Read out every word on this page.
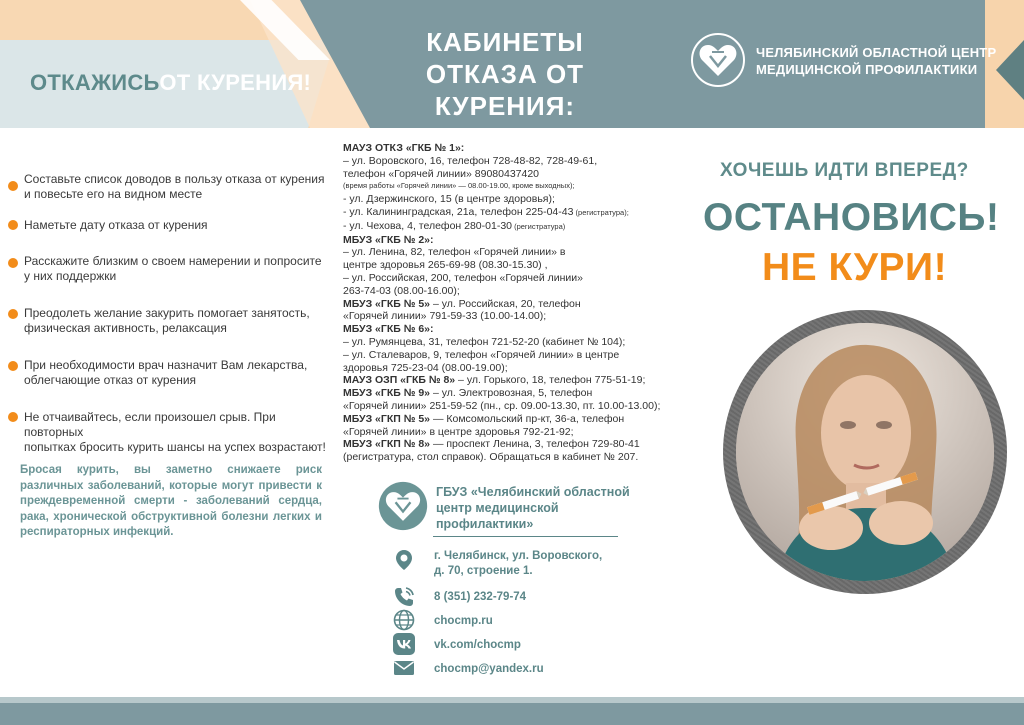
ОТКАЖИСЬОТ КУРЕНИЯ!
КАБИНЕТЫ
ОТКАЗА ОТ КУРЕНИЯ:
ЧЕЛЯБИНСКИЙ ОБЛАСТНОЙ ЦЕНТР
МЕДИЦИНСКОЙ ПРОФИЛАКТИКИ
Составьте список доводов в пользу отказа от курения
и повесьте его на видном месте
Наметьте дату отказа от курения
Расскажите близким о своем намерении и попросите
у них поддержки
Преодолеть желание закурить помогает занятость,
физическая активность, релаксация
При необходимости врач назначит Вам лекарства,
облегчающие отказ от курения
Не отчаивайтесь, если произошел срыв. При повторных
попытках бросить курить шансы на успех возрастают!
Бросая курить, вы заметно снижаете риск различных заболеваний, которые могут привести к преждевременной смерти - заболеваний сердца, рака, хронической обструктивной болезни легких и респираторных инфекций.
МАУЗ ОТКЗ «ГКБ № 1»:
– ул. Воровского, 16, телефон 728-48-82, 728-49-61,
телефон «Горячей линии» 89080437420
(время работы «Горячей линии» — 08.00-19.00, кроме выходных);
- ул. Дзержинского, 15 (в центре здоровья);
- ул. Калининградская, 21а, телефон 225-04-43 (регистратура);
- ул. Чехова, 4, телефон 280-01-30 (регистратура)
МБУЗ «ГКБ № 2»:
– ул. Ленина, 82, телефон «Горячей линии» в
центре здоровья 265-69-98 (08.30-15.30) ,
– ул. Российская, 200, телефон «Горячей линии»
263-74-03 (08.00-16.00);
МБУЗ «ГКБ № 5» – ул. Российская, 20, телефон
«Горячей линии» 791-59-33 (10.00-14.00);
МБУЗ «ГКБ № 6»:
– ул. Румянцева, 31, телефон 721-52-20 (кабинет № 104);
– ул. Сталеваров, 9, телефон «Горячей линии» в центре
здоровья 725-23-04 (08.00-19.00);
МАУЗ ОЗП «ГКБ № 8» – ул. Горького, 18, телефон 775-51-19;
МБУЗ «ГКБ № 9» – ул. Электровозная, 5, телефон
«Горячей линии» 251-59-52 (пн., ср. 09.00-13.30, пт. 10.00-13.00);
МБУЗ «ГКП № 5» — Комсомольский пр-кт, 36-а, телефон
«Горячей линии» в центре здоровья 792-21-92;
МБУЗ «ГКП № 8» — проспект Ленина, 3, телефон 729-80-41
(регистратура, стол справок). Обращаться в кабинет № 207.
ГБУЗ «Челябинский областной
центр медицинской
профилактики»
г. Челябинск, ул. Воровского,
д. 70, строение 1.
8 (351) 232-79-74
chocmp.ru
vk.com/chocmp
chocmp@yandex.ru
ХОЧЕШЬ ИДТИ ВПЕРЕД?
ОСТАНОВИСЬ!
НЕ КУРИ!
